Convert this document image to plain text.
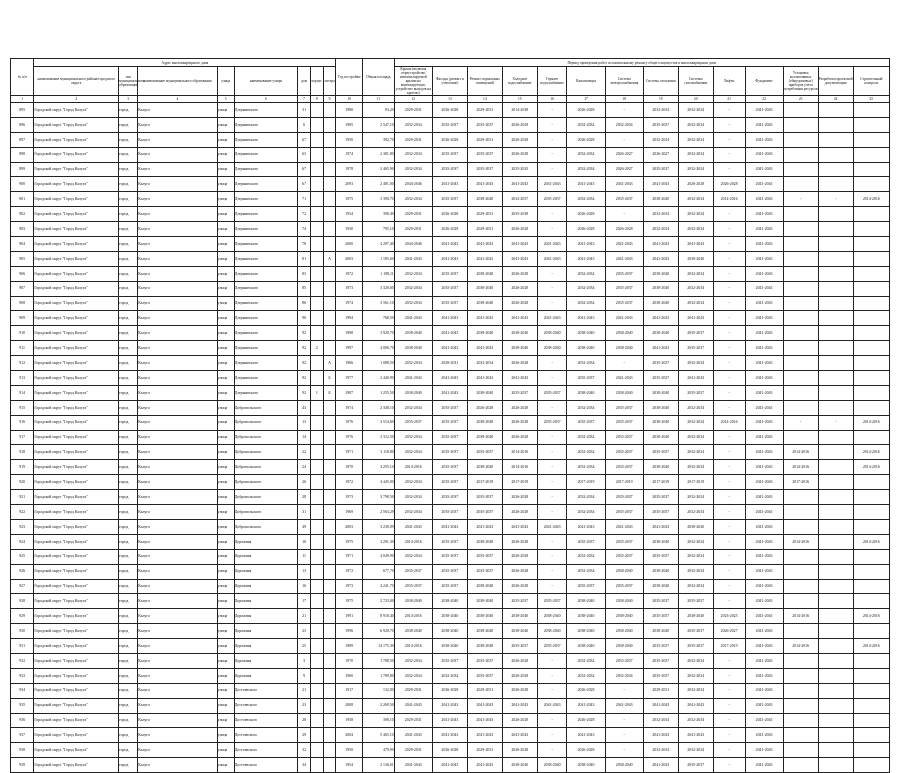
№ п/п	Адрес многоквартирного дома								Год постройки	Общая площадь	Период проведения работ по капитальному ремонту общего имущества в многоквартирном доме													
	наименование муниципального района/городского округа	тип муниципального образования	наименование муниципального образования	улица	наименование улицы	дом	корпус	литера			Крыша (включая переустройство невентилируемой крыши на вентилируемую, устройство выходов на кровлю)	Фасады (ремонт и утепление)	Ремонт подвальных помещений	Холодное водоснабжение	Горячее водоснабжение	Канализация	Система электроснабжения	Система отопления	Системы газоснабжения	Лифты	Фундамент	Установка коллективных (общедомовых) приборов учета потребления ресурсов	Разработка проектной документации	Строительный контроль
1	2	3	4	5	6	7	8	9	10	11	12	13	14	15	16	17	18	19	20	21	22	23	24	25
895	Городской округ "Город Калуга"	город	Калуга	улица	Дзержинского	31			1980	83,20	2029-2031	2026-2028	2029-2031	2014-2038	-	2026-2028	-	2032-2034	2032-2034	-	2041-2043			
896	Городской округ "Город Калуга"	город	Калуга	улица	Дзержинского	6			1985	2 547,10	2032-2034	2035-2037	2035-2037	2026-2029	-	2032-2034	2032-2034	2035-2037	2032-2034	-	2041-2043			
897	Городской округ "Город Калуга"	город	Калуга	улица	Дзержинского	67			1950	392,70	2029-2031	2026-2028	2029-2031	2026-2028	-	2026-2028	-	2032-2034	2032-2034	-	2041-2043			
898	Городской округ "Город Калуга"	город	Калуга	улица	Дзержинского	63			1974	2 381,80	2032-2034	2035-2037	2035-2037	2026-2028	-	2032-2034	2026-2027	2026-2027	2032-2034	-	2041-2043			
899	Городской округ "Город Калуга"	город	Калуга	улица	Дзержинского	67			1978	2 465,90	2032-2034	2035-2037	2035-2037	2035-2035	-	2032-2034	2026-2027	2035-2037	2032-2034	-	2041-2043			
900	Городской округ "Город Калуга"	город	Калуга	улица	Дзержинского	67			2093	2 481,00	2044-2046	2041-2043	2041-2043	2041-2043	2041-2043	2041-2043	2041-2043	2041-2043	2026-2028	2026-2028	2041-2043			
901	Городской округ "Город Калуга"	город	Калуга	улица	Дзержинского	71			1975	3 390,70	2032-2034	2035-2037	2038-2040	2032-2037	2035-2037	2032-2034	2035-2037	2038-2040	2032-2034	2014-2016	2041-2043	-	-	2014-2016
902	Городской округ "Город Калуга"	город	Калуга	улица	Дзержинского	72			1934	390,40	2029-2031	2026-2028	2029-2031	2035-2038	-	2026-2028	-	2032-2034	2032-2034	-	2041-2043			
903	Городской округ "Город Калуга"	город	Калуга	улица	Дзержинского	74			1930	795,10	2029-2031	2026-2028	2029-2031	2026-2028	-	2026-2028	2026-2028	2032-2034	2032-2034	-	2041-2043			
904	Городской округ "Город Калуга"	город	Калуга	улица	Дзержинского	78			2000	4 297,40	2044-2046	2041-2043	2041-2043	2041-2043	2041-2043	2041-2043	2041-2043	2041-2043	2041-2043	-	2041-2043			
905	Городской округ "Город Калуга"	город	Калуга	улица	Дзержинского	81		А	2003	1 185,60	2041-2043	2041-2043	2041-2043	2041-2043	2041-2043	2041-2043	2041-2043	2041-2043	2038-2040	-	2041-2043			
906	Городской округ "Город Калуга"	город	Калуга	улица	Дзержинского	83			1972	1 198,11	2032-2034	2035-2037	2038-2040	2026-2028	-	2032-2034	2035-2037	2038-2040	2032-2034	-	2041-2043			
907	Городской округ "Город Калуга"	город	Калуга	улица	Дзержинского	85			1973	3 320,60	2032-2034	2035-2037	2038-2040	2026-2028	-	2032-2034	2035-2037	2038-2040	2032-2034	-	2041-2043			
908	Городской округ "Город Калуга"	город	Калуга	улица	Дзержинского	86			1974	3 561,10	2032-2034	2035-2037	2038-2040	2026-2028	-	2032-2034	2035-2037	2038-2040	2032-2034	-	2041-2043			
909	Городской округ "Город Калуга"	город	Калуга	улица	Дзержинского	90			1994	768,50	2041-2043	2041-2043	2041-2043	2041-2043	2041-2043	2041-2043	2041-2043	2041-2043	2041-2043	-	2041-2043			
910	Городской округ "Город Калуга"	город	Калуга	улица	Дзержинского	92			1998	3 920,70	2038-2040	2041-2043	2038-2040	2038-2040	2038-2040	2038-2040	2038-2040	2038-2040	2035-2037	-	2041-2043			
911	Городской округ "Город Калуга"	город	Калуга	улица	Дзержинского	92	2		1997	4 006,70	2038-2040	2041-2043	2041-2043	2038-2040	2038-2040	2038-2040	2038-2040	2041-2043	2035-2037	-	2041-2043			
912	Городской округ "Город Калуга"	город	Калуга	улица	Дзержинского	92		А	1966	1 088,50	2032-2034	2029-2031	2032-2034	2026-2028	-	2032-2034	-	2035-2037	2032-2034	-	2041-2043			
913	Городской округ "Город Калуга"	город	Калуга	улица	Дзержинского	92		Б	1977	2 440,90	2041-2043	2041-2043	2041-2043	2041-2043	-	2035-2037	2041-2043	2035-2037	2041-2043	-	2041-2043			
914	Городской округ "Город Калуга"	город	Калуга	улица	Дзержинского	92	1	Б	1987	1 255,50	2038-2040	2041-2043	2038-2040	2035-2037	2035-2037	2038-2040	2038-2040	2038-2040	2035-2037	-	2041-2043			
915	Городской округ "Город Калуга"	город	Калуга	улица	Добровольского	43			1974	2 348,10	2032-2034	2035-2037	2026-2028	2026-2028	-	2032-2034	2035-2037	2038-2040	2032-2034	-	2041-2043			
916	Городской округ "Город Калуга"	город	Калуга	улица	Добровольского	13			1976	3 514,60	2035-2037	2035-2037	2038-2040	2026-2028	2035-2037	2035-2037	2035-2037	2038-2040	2032-2034	2014-2016	2041-2043	-	-	2014-2016
917	Городской округ "Город Калуга"	город	Калуга	улица	Добровольского	14			1976	3 312,50	2032-2034	2035-2037	2038-2040	2026-2028	-	2032-2034	2035-2037	2038-2040	2032-2034	-	2041-2043			
918	Городской округ "Город Калуга"	город	Калуга	улица	Добровольского	22			1971	3 118,80	2032-2034	2035-2037	2035-2037	2014-2016	-	2032-2034	2035-2037	2035-2037	2032-2034	-	2041-2043	2014-2016		2014-2016
919	Городской округ "Город Калуга"	город	Калуга	улица	Добровольского	24			1970	3 255,10	2014-2016	2035-2037	2038-2040	2014-2016	-	2032-2034	2035-2037	2038-2040	2032-2034	-	2041-2043	2014-2016		2014-2016
920	Городской округ "Город Калуга"	город	Калуга	улица	Добровольского	26			1972	4 445,00	2032-2034	2035-2037	2017-2019	2017-2019	-	2017-2019	2017-2019	2017-2019	2017-2019	-	2041-2043	2017-2016		
921	Городской округ "Город Калуга"	город	Калуга	улица	Добровольского	28			1973	3 798,50	2032-2034	2035-2037	2035-2037	2026-2028	-	2032-2034	2035-2037	2035-2037	2032-2034	-	2041-2043			
922	Городской округ "Город Калуга"	город	Калуга	улица	Добровольского	31			1969	2 563,29	2032-2034	2035-2037	2035-2037	2026-2028	-	2032-2034	2035-2037	2035-2037	2032-2034	-	2041-2043			
923	Городской округ "Город Калуга"	город	Калуга	улица	Добровольского	49			2003	3 230,09	2041-2043	2041-2043	2041-2043	2041-2043	2041-2043	2041-2043	2041-2043	2041-2043	2038-2040	-	2041-2043			
924	Городской округ "Город Калуга"	город	Калуга	улица	Дорожная	10			1975	3 291,30	2014-2016	2035-2037	2038-2040	2026-2028	-	2035-2037	2035-2037	2038-2040	2032-2034	-	2041-2043	2014-2016		2014-2016
925	Городской округ "Город Калуга"	город	Калуга	улица	Дорожная	11			1971	4 049,90	2032-2034	2035-2037	2035-2037	2026-2028	-	2032-2034	2035-2037	2035-2037	2032-2034	-	2041-2043			
926	Городской округ "Город Калуга"	город	Калуга	улица	Дорожная	13			1972	677,70	2035-2037	2035-2037	2035-2037	2026-2028	-	2032-2034	2038-2040	2038-2040	2032-2034	-	2041-2043			
927	Городской округ "Город Калуга"	город	Калуга	улица	Дорожная	16			1973	4 241,70	2035-2037	2035-2037	2038-2040	2026-2028	-	2035-2037	2035-2037	2038-2040	2032-2034	-	2041-2043			
928	Городской округ "Город Калуга"	город	Калуга	улица	Дорожная	17			1975	2 723,00	2038-2040	2038-2040	2038-2040	2035-2037	2035-2037	2038-2040	2038-2040	2035-2037	2035-2037	-	2041-2043			
929	Городской округ "Город Калуга"	город	Калуга	улица	Дорожная	21			1991	8 918,40	2014-2016	2038-2040	2038-2040	2038-2040	2038-2040	2038-2040	2038-2040	2035-2037	2038-2040	2023-2025	2041-2043	2014-2016		2014-2016
930	Городской округ "Город Калуга"	город	Калуга	улица	Дорожная	23			1996	6 920,70	2038-2040	2038-2040	2038-2040	2038-2040	2038-2040	2038-2040	2038-2040	2038-2040	2035-2037	2026-2027	2041-2043			
931	Городской округ "Город Калуга"	город	Калуга	улица	Дорожная	25			1989	14 175,30	2014-2016	2038-2040	2038-2040	2035-2037	2035-2037	2038-2040	2038-2040	2035-2037	2035-2037	2017-2019	2041-2043	2014-2016		2014-2016
932	Городской округ "Город Калуга"	город	Калуга	улица	Дорожная	3			1970	1 788,50	2032-2034	2035-2037	2035-2037	2026-2028	-	2032-2034	2035-2037	2035-2037	2032-2034	-	2041-2043			
933	Городской округ "Город Калуга"	город	Калуга	улица	Дорожная	9			1960	1 789,80	2032-2034	2032-2034	2035-2037	2026-2028	-	2032-2034	2032-2034	2035-2037	2032-2034	-	2041-2043			
934	Городской округ "Город Калуга"	город	Калуга	улица	Достоевского	21			1917	132,00	2029-2031	2026-2028	2029-2031	2026-2028	-	2026-2028	-	2029-2031	2032-2034	-	2041-2043			
935	Городской округ "Город Калуга"	город	Калуга	улица	Достоевского	23			2008	2 269,50	2041-2043	2041-2043	2041-2043	2041-2043	2041-2043	2041-2043	2041-2043	2041-2043	2041-2043	-	2041-2043			
936	Городской округ "Город Калуга"	город	Калуга	улица	Достоевского	28			1958	398,10	2029-2031	2041-2043	2041-2043	2026-2028	-	2026-2028	-	2032-2034	2032-2034	-	2041-2043			
937	Городской округ "Город Калуга"	город	Калуга	улица	Достоевского	29			2004	5 465,10	2041-2043	2041-2043	2041-2043	2041-2043	-	2041-2043	-	2041-2043	2041-2043	-	2041-2043			
938	Городской округ "Город Калуга"	город	Калуга	улица	Достоевского	32			1950	479,90	2029-2031	2026-2028	2029-2031	2026-2028	-	2026-2028	-	2032-2034	2032-2034	-	2041-2043			
939	Городской округ "Город Калуга"	город	Калуга	улица	Достоевского	34			1954	2 136,61	2041-2043	2041-2043	2041-2043	2038-2040	2038-2040	2038-2040	2038-2040	2041-2043	2035-2037	-	2041-2043			
